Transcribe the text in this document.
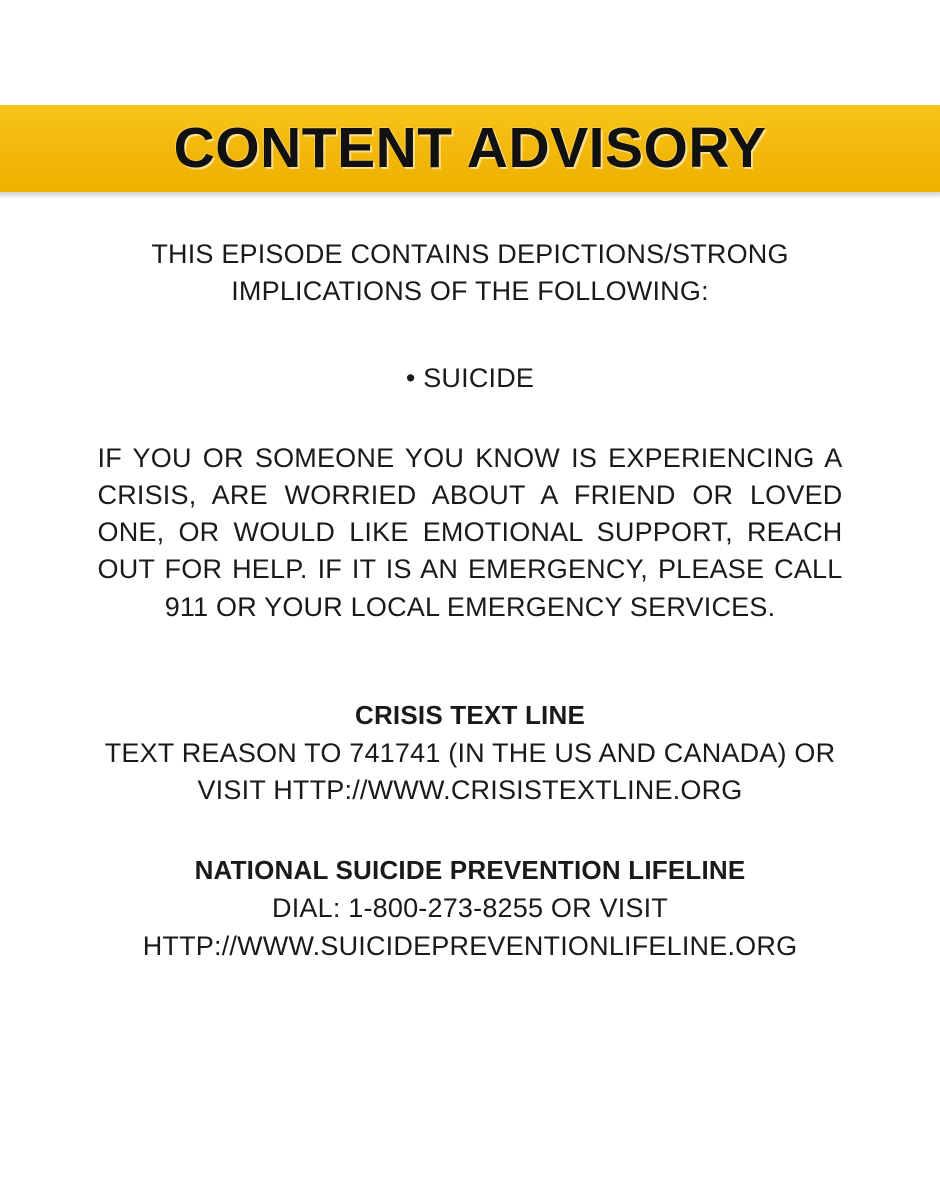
CONTENT ADVISORY
THIS EPISODE CONTAINS DEPICTIONS/STRONG
IMPLICATIONS OF THE FOLLOWING:
• SUICIDE
IF YOU OR SOMEONE YOU KNOW IS EXPERIENCING A CRISIS, ARE WORRIED ABOUT A FRIEND OR LOVED ONE, OR WOULD LIKE EMOTIONAL SUPPORT, REACH OUT FOR HELP. IF IT IS AN EMERGENCY, PLEASE CALL 911 OR YOUR LOCAL EMERGENCY SERVICES.
CRISIS TEXT LINE
TEXT REASON TO 741741 (IN THE US AND CANADA) OR
VISIT HTTP://WWW.CRISISTEXTLINE.ORG
NATIONAL SUICIDE PREVENTION LIFELINE
DIAL: 1-800-273-8255 OR VISIT
HTTP://WWW.SUICIDEPREVENTIONLIFELINE.ORG
